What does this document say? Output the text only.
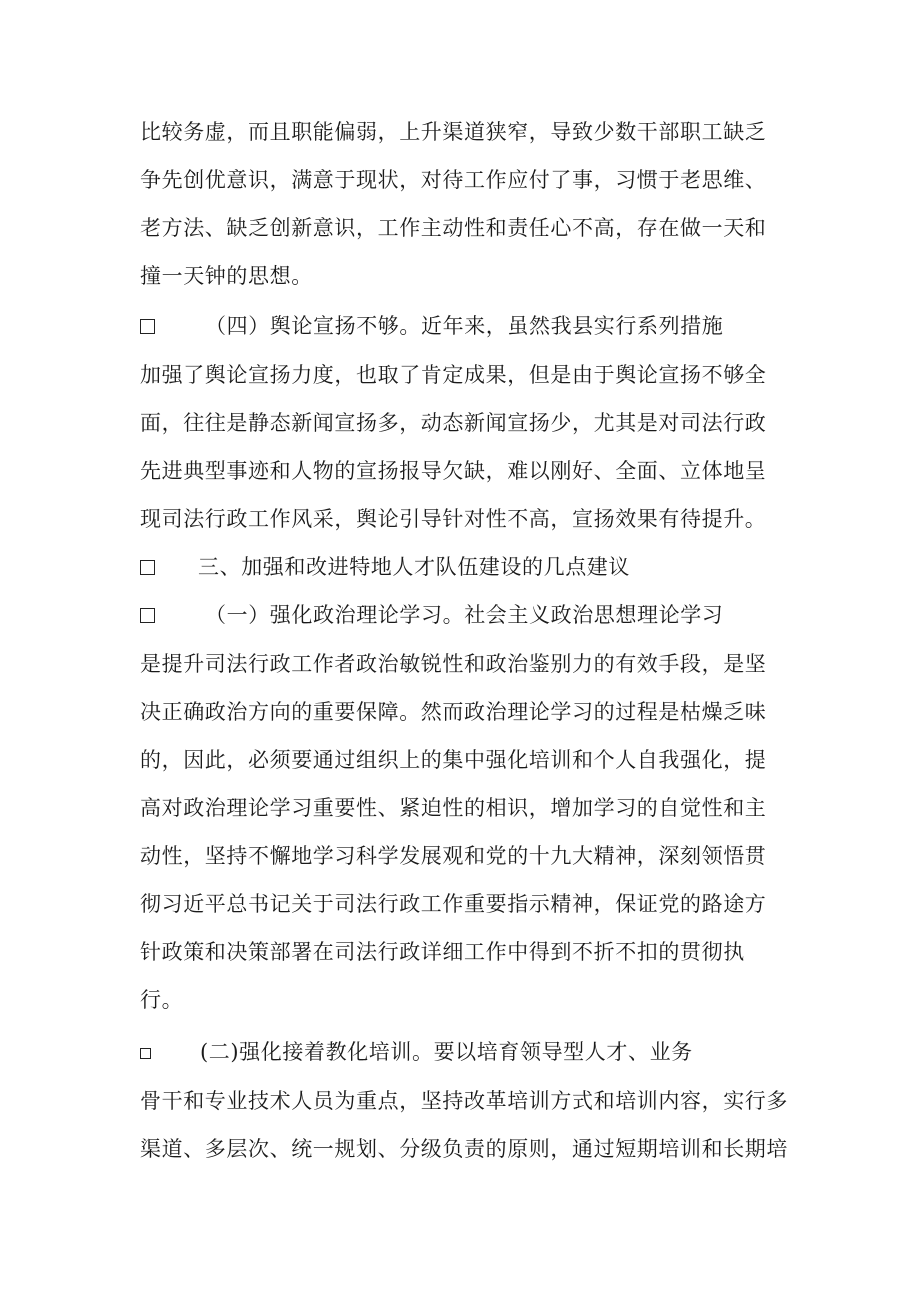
比较务虚，而且职能偏弱，上升渠道狭窄，导致少数干部职工缺乏
争先创优意识，满意于现状，对待工作应付了事，习惯于老思维、
老方法、缺乏创新意识，工作主动性和责任心不高，存在做一天和
撞一天钟的思想。
（四）舆论宣扬不够。近年来，虽然我县实行系列措施
加强了舆论宣扬力度，也取了肯定成果，但是由于舆论宣扬不够全
面，往往是静态新闻宣扬多，动态新闻宣扬少，尤其是对司法行政
先进典型事迹和人物的宣扬报导欠缺，难以刚好、全面、立体地呈
现司法行政工作风采，舆论引导针对性不高，宣扬效果有待提升。
三、加强和改进特地人才队伍建设的几点建议
（一）强化政治理论学习。社会主义政治思想理论学习
是提升司法行政工作者政治敏锐性和政治鉴别力的有效手段，是坚
决正确政治方向的重要保障。然而政治理论学习的过程是枯燥乏味
的，因此，必须要通过组织上的集中强化培训和个人自我强化，提
高对政治理论学习重要性、紧迫性的相识，增加学习的自觉性和主
动性，坚持不懈地学习科学发展观和党的十九大精神，深刻领悟贯
彻习近平总书记关于司法行政工作重要指示精神，保证党的路途方
针政策和决策部署在司法行政详细工作中得到不折不扣的贯彻执
行。
(二)强化接着教化培训。要以培育领导型人才、业务
骨干和专业技术人员为重点，坚持改革培训方式和培训内容，实行多
渠道、多层次、统一规划、分级负责的原则，通过短期培训和长期培
